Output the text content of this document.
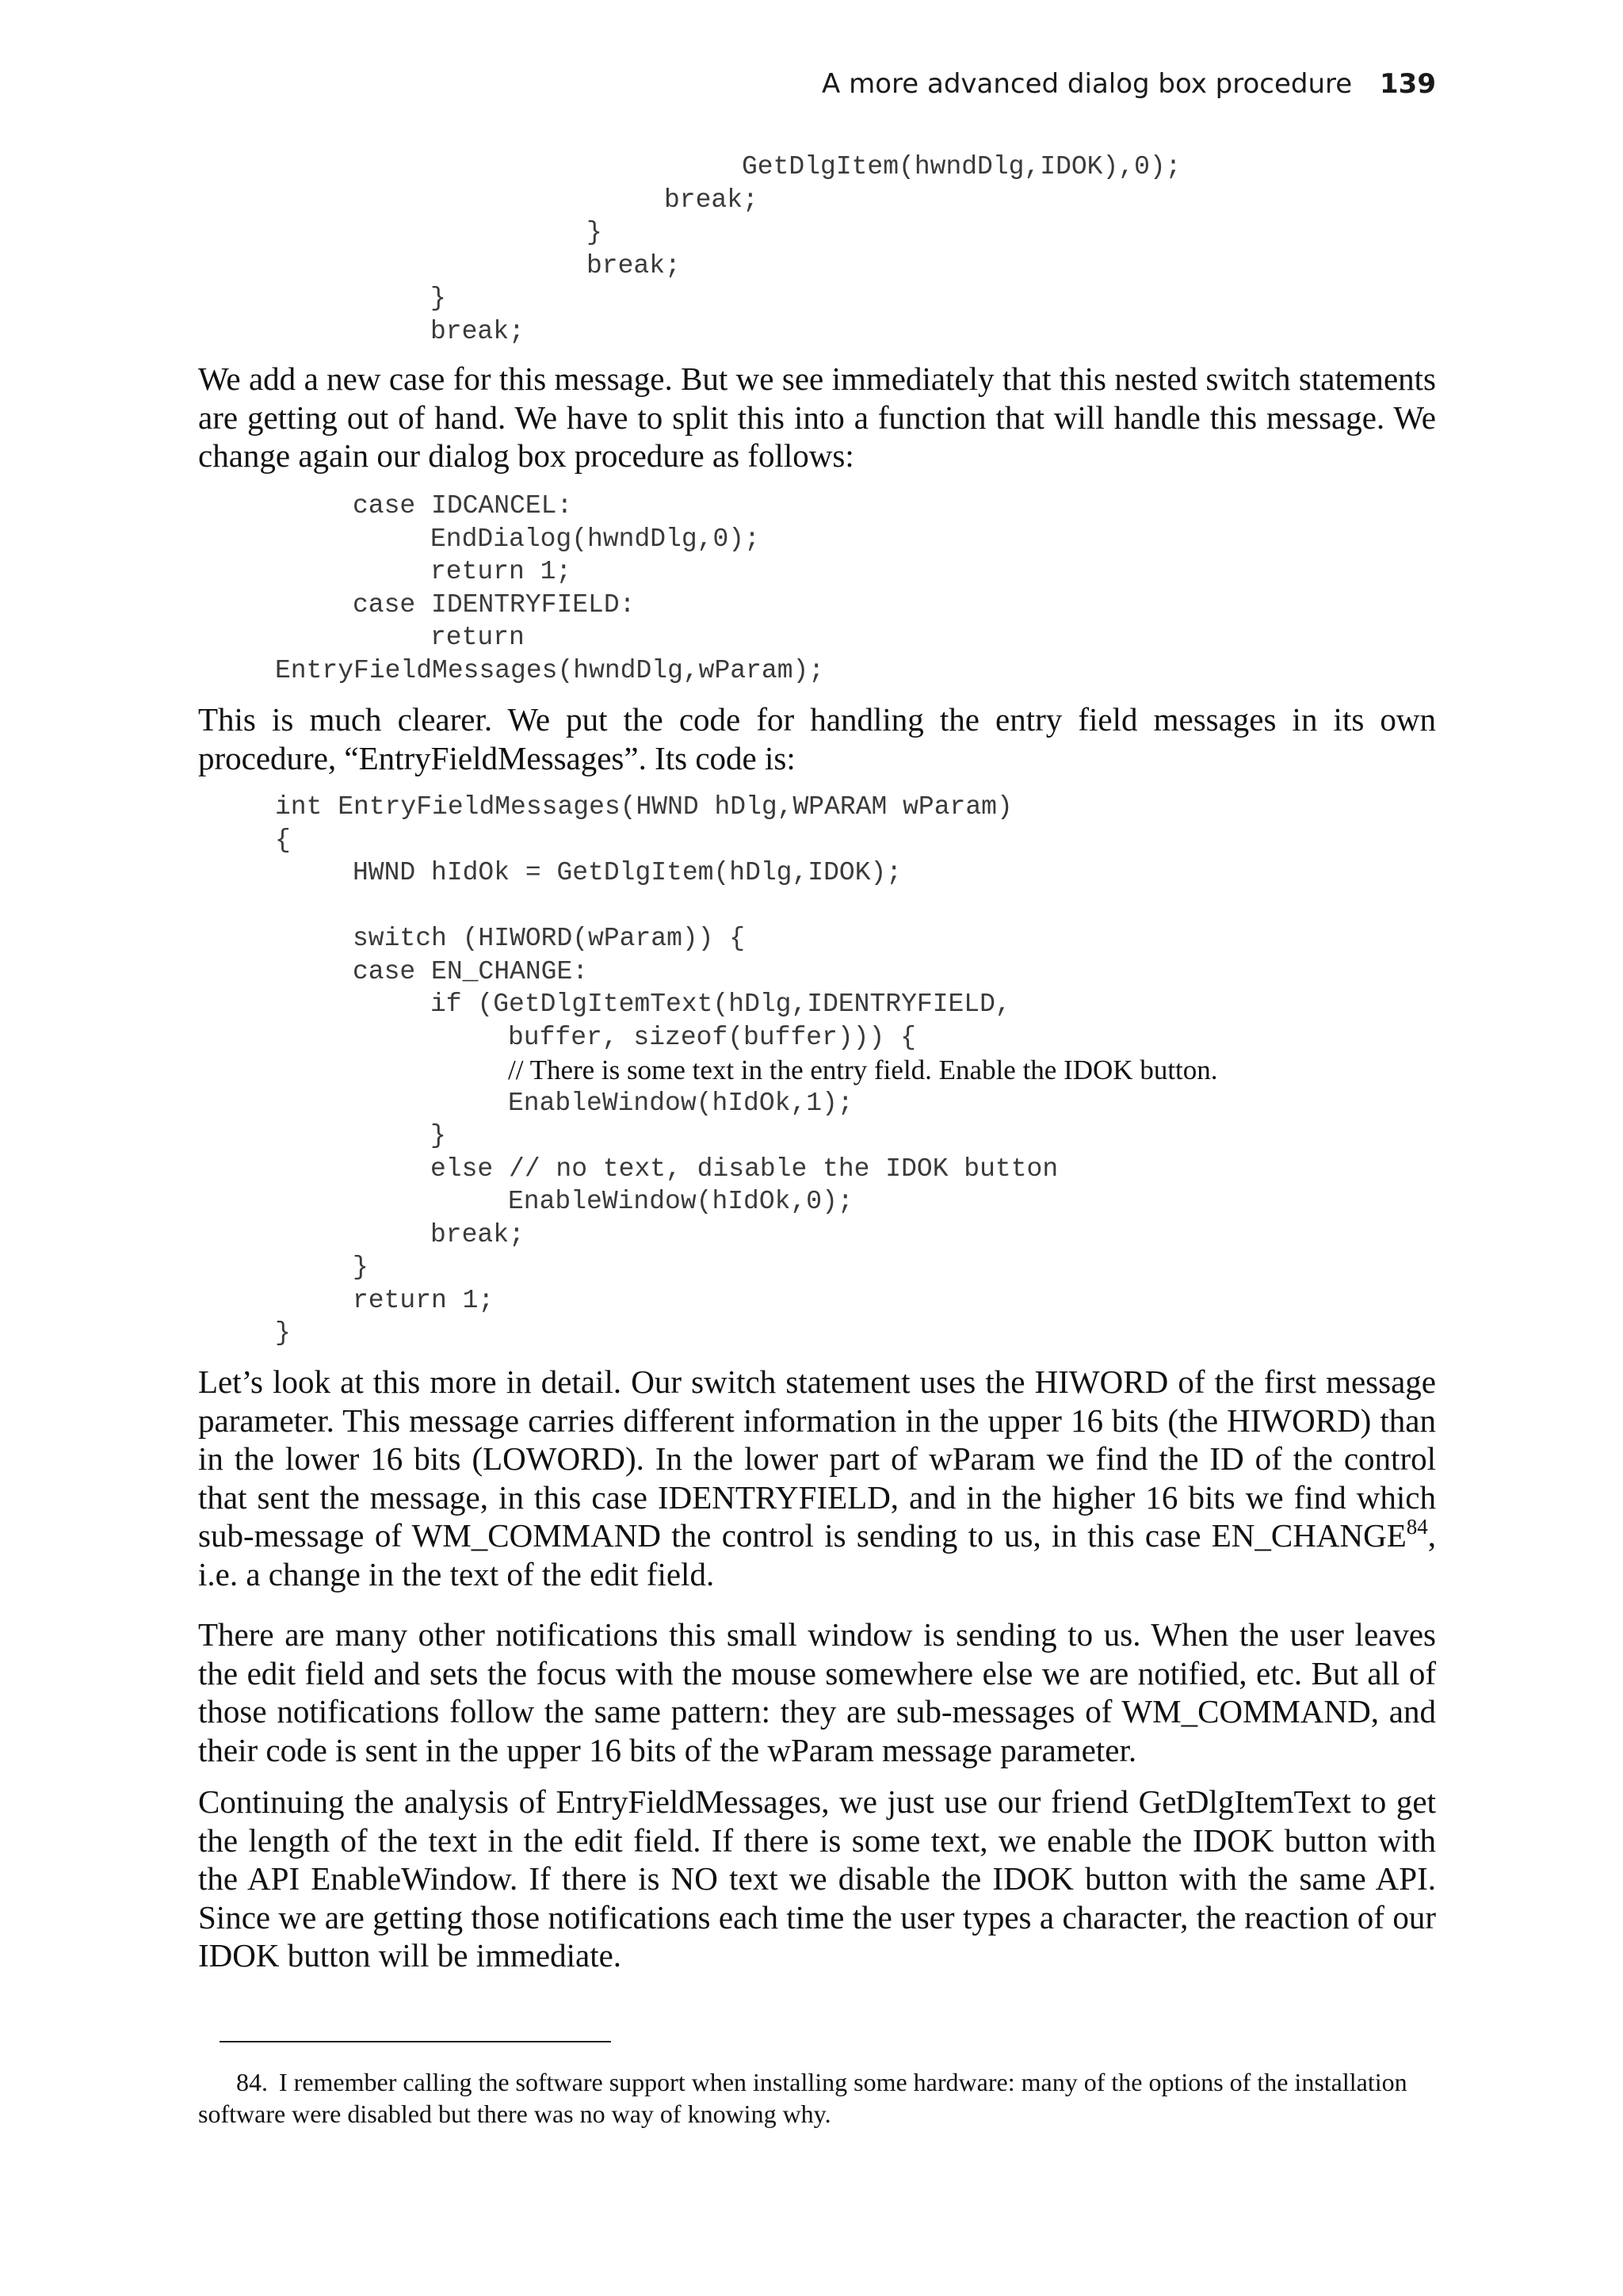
A more advanced dialog box procedure 139
GetDlgItem(hwndDlg,IDOK),0);
break;
}
break;
}
break;

We add a new case for this message. But we see immediately that this nested switch statements are getting out of hand. We have to split this into a function that will handle this message. We change again our dialog box procedure as follows:

case IDCANCEL:
EndDialog(hwndDlg,0);
return 1;
case IDENTRYFIELD:
return
EntryFieldMessages(hwndDlg,wParam);

This is much clearer. We put the code for handling the entry field messages in its own procedure, “EntryFieldMessages”. Its code is:

int EntryFieldMessages(HWND hDlg,WPARAM wParam)
{
HWND hIdOk = GetDlgItem(hDlg,IDOK);
switch (HIWORD(wParam)) {
case EN_CHANGE:
if (GetDlgItemText(hDlg,IDENTRYFIELD,
buffer, sizeof(buffer))) {
// There is some text in the entry field. Enable the IDOK button.
EnableWindow(hIdOk,1);
}
else // no text, disable the IDOK button
EnableWindow(hIdOk,0);
break;
}
return 1;
}

Let’s look at this more in detail. Our switch statement uses the HIWORD of the first message parameter. This message carries different information in the upper 16 bits (the HIWORD) than in the lower 16 bits (LOWORD). In the lower part of wParam we find the ID of the control that sent the message, in this case IDENTRYFIELD, and in the higher 16 bits we find which sub-message of WM_COMMAND the control is sending to us, in this case EN_CHANGE$^{84}$, i.e. a change in the text of the edit field.

There are many other notifications this small window is sending to us. When the user leaves the edit field and sets the focus with the mouse somewhere else we are notified, etc. But all of those notifications follow the same pattern: they are sub-messages of WM_COMMAND, and their code is sent in the upper 16 bits of the wParam message parameter.

Continuing the analysis of EntryFieldMessages, we just use our friend GetDlgItemText to get the length of the text in the edit field. If there is some text, we enable the IDOK button with the API EnableWindow. If there is NO text we disable the IDOK button with the same API. Since we are getting those notifications each time the user types a character, the reaction of our IDOK button will be immediate.

84. I remember calling the software support when installing some hardware: many of the options of the installation software were disabled but there was no way of knowing why.
